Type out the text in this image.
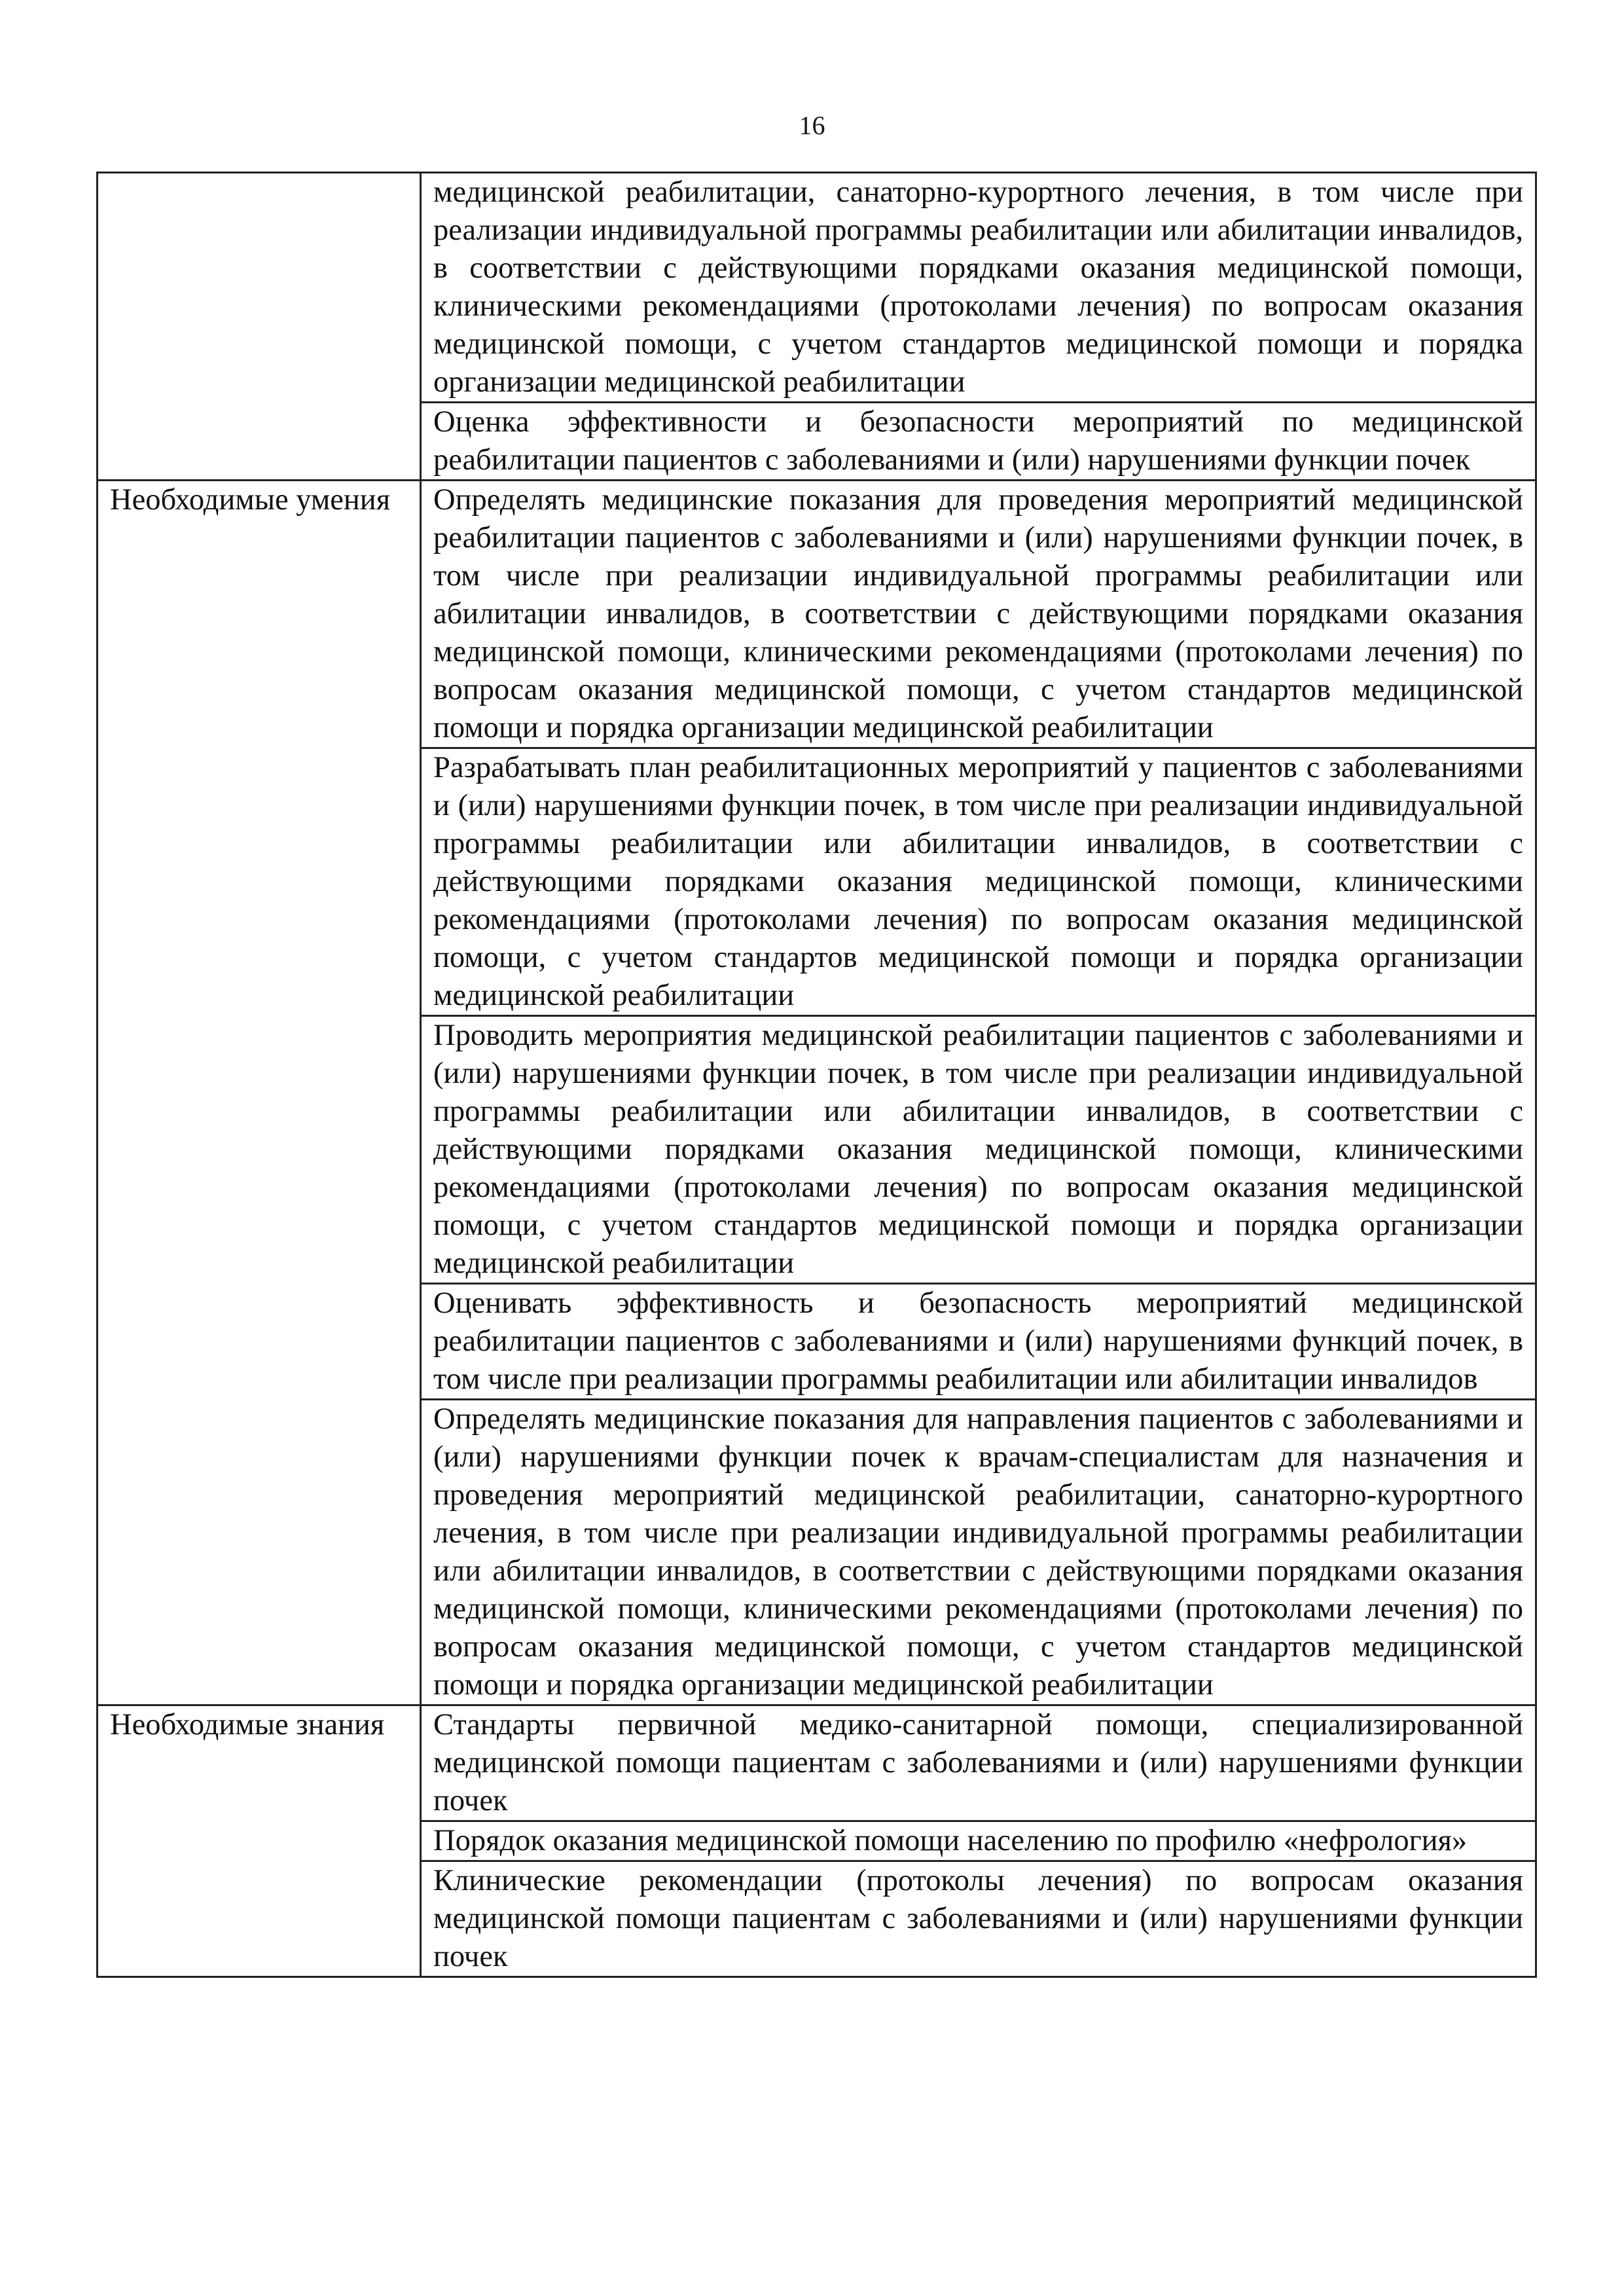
16
	медицинской реабилитации, санаторно-курортного лечения, в том числе при реализации индивидуальной программы реабилитации или абилитации инвалидов, в соответствии с действующими порядками оказания медицинской помощи, клиническими рекомендациями (протоколами лечения) по вопросам оказания медицинской помощи, с учетом стандартов медицинской помощи и порядка организации медицинской реабилитации
	Оценка эффективности и безопасности мероприятий по медицинской реабилитации пациентов с заболеваниями и (или) нарушениями функции почек
Необходимые умения	Определять медицинские показания для проведения мероприятий медицинской реабилитации пациентов с заболеваниями и (или) нарушениями функции почек, в том числе при реализации индивидуальной программы реабилитации или абилитации инвалидов, в соответствии с действующими порядками оказания медицинской помощи, клиническими рекомендациями (протоколами лечения) по вопросам оказания медицинской помощи, с учетом стандартов медицинской помощи и порядка организации медицинской реабилитации
	Разрабатывать план реабилитационных мероприятий у пациентов с заболеваниями и (или) нарушениями функции почек, в том числе при реализации индивидуальной программы реабилитации или абилитации инвалидов, в соответствии с действующими порядками оказания медицинской помощи, клиническими рекомендациями (протоколами лечения) по вопросам оказания медицинской помощи, с учетом стандартов медицинской помощи и порядка организации медицинской реабилитации
	Проводить мероприятия медицинской реабилитации пациентов с заболеваниями и (или) нарушениями функции почек, в том числе при реализации индивидуальной программы реабилитации или абилитации инвалидов, в соответствии с действующими порядками оказания медицинской помощи, клиническими рекомендациями (протоколами лечения) по вопросам оказания медицинской помощи, с учетом стандартов медицинской помощи и порядка организации медицинской реабилитации
	Оценивать эффективность и безопасность мероприятий медицинской реабилитации пациентов с заболеваниями и (или) нарушениями функций почек, в том числе при реализации программы реабилитации или абилитации инвалидов
	Определять медицинские показания для направления пациентов с заболеваниями и (или) нарушениями функции почек к врачам-специалистам для назначения и проведения мероприятий медицинской реабилитации, санаторно-курортного лечения, в том числе при реализации индивидуальной программы реабилитации или абилитации инвалидов, в соответствии с действующими порядками оказания медицинской помощи, клиническими рекомендациями (протоколами лечения) по вопросам оказания медицинской помощи, с учетом стандартов медицинской помощи и порядка организации медицинской реабилитации
Необходимые знания	Стандарты первичной медико-санитарной помощи, специализированной медицинской помощи пациентам с заболеваниями и (или) нарушениями функции почек
	Порядок оказания медицинской помощи населению по профилю «нефрология»
	Клинические рекомендации (протоколы лечения) по вопросам оказания медицинской помощи пациентам с заболеваниями и (или) нарушениями функции почек
